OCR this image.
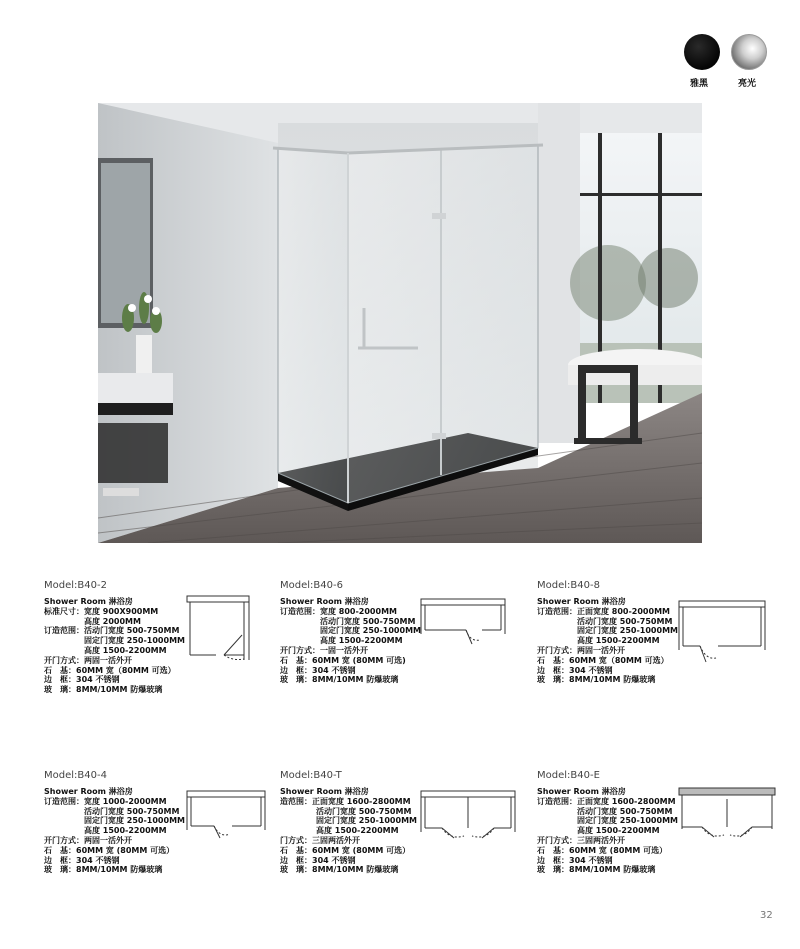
雅黑	亮光
Model:B40-2
Shower Room 淋浴房
标准尺寸：宽度 900X900MM
高度 2000MM
订造范围：活动门宽度 500-750MM
固定门宽度 250-1000MM
高度 1500-2200MM
开门方式：两固一活外开
石　基：60MM 宽（80MM 可选）
边　框：304 不锈钢
玻　璃：8MM/10MM 防爆玻璃
Model:B40-6
Shower Room 淋浴房
订造范围：宽度 800-2000MM
活动门宽度 500-750MM
固定门宽度 250-1000MM
高度 1500-2200MM
开门方式：一固一活外开
石　基：60MM 宽 (80MM 可选)
边　框：304 不锈钢
玻　璃：8MM/10MM 防爆玻璃
Model:B40-8
Shower Room 淋浴房
订造范围：正面宽度 800-2000MM
活动门宽度 500-750MM
固定门宽度 250-1000MM
高度 1500-2200MM
开门方式：两固一活外开
石　基：60MM 宽（80MM 可选）
边　框：304 不锈钢
玻　璃：8MM/10MM 防爆玻璃
Model:B40-4
Shower Room 淋浴房
订造范围：宽度 1000-2000MM
活动门宽度 500-750MM
固定门宽度 250-1000MM
高度 1500-2200MM
开门方式：两固一活外开
石　基：60MM 宽 (80MM 可选）
边　框：304 不锈钢
玻　璃：8MM/10MM 防爆玻璃
Model:B40-T
Shower Room 淋浴房
造范围：正面宽度 1600-2800MM
活动门宽度 500-750MM
固定门宽度 250-1000MM
高度 1500-2200MM
门方式：三固两活外开
石　基：60MM 宽 (80MM 可选）
边　框：304 不锈钢
玻　璃：8MM/10MM 防爆玻璃
Model:B40-E
Shower Room 淋浴房
订造范围：正面宽度 1600-2800MM
活动门宽度 500-750MM
固定门宽度 250-1000MM
高度 1500-2200MM
开门方式：三固两活外开
石　基：60MM 宽 (80MM 可选）
边　框：304 不锈钢
玻　璃：8MM/10MM 防爆玻璃
32
